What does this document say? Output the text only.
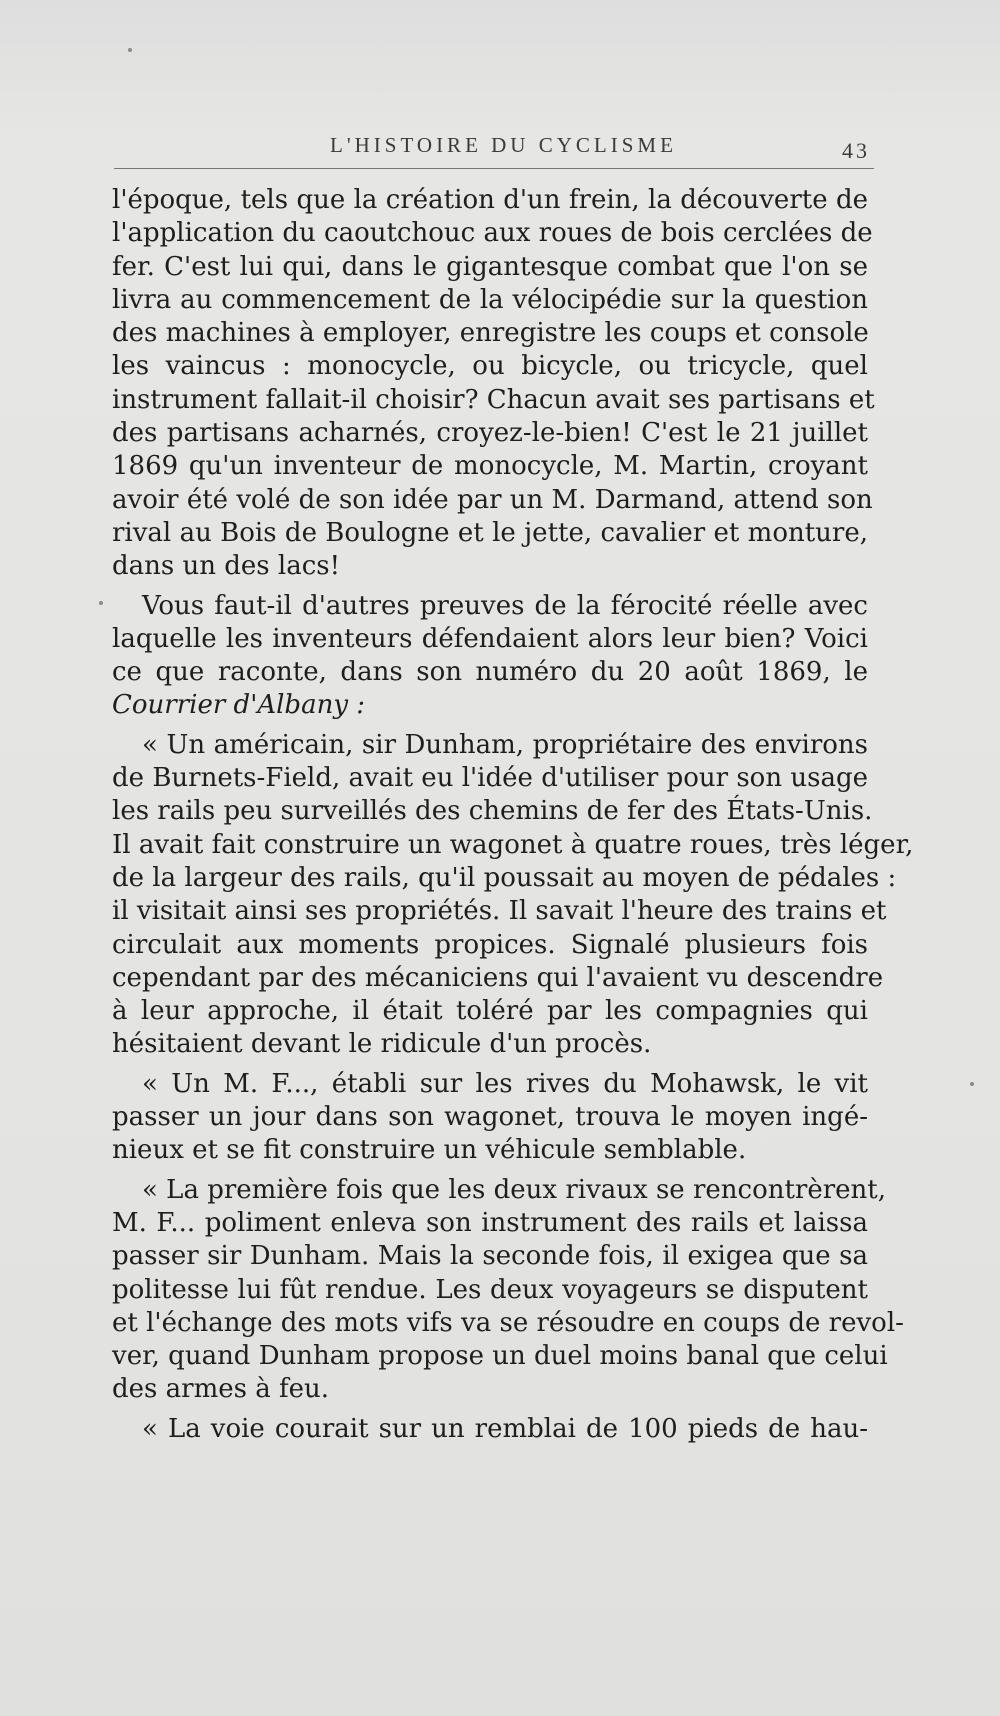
L'HISTOIRE DU CYCLISME	43
l'époque, tels que la création d'un frein, la découverte de
l'application du caoutchouc aux roues de bois cerclées de
fer. C'est lui qui, dans le gigantesque combat que l'on se
livra au commencement de la vélocipédie sur la question
des machines à employer, enregistre les coups et console
les vaincus : monocycle, ou bicycle, ou tricycle, quel
instrument fallait-il choisir? Chacun avait ses partisans et
des partisans acharnés, croyez-le-bien! C'est le 21 juillet
1869 qu'un inventeur de monocycle, M. Martin, croyant
avoir été volé de son idée par un M. Darmand, attend son
rival au Bois de Boulogne et le jette, cavalier et monture,
dans un des lacs!
Vous faut-il d'autres preuves de la férocité réelle avec
laquelle les inventeurs défendaient alors leur bien? Voici
ce que raconte, dans son numéro du 20 août 1869, le
Courrier d'Albany :
« Un américain, sir Dunham, propriétaire des environs
de Burnets-Field, avait eu l'idée d'utiliser pour son usage
les rails peu surveillés des chemins de fer des États-Unis.
Il avait fait construire un wagonet à quatre roues, très léger,
de la largeur des rails, qu'il poussait au moyen de pédales :
il visitait ainsi ses propriétés. Il savait l'heure des trains et
circulait aux moments propices. Signalé plusieurs fois
cependant par des mécaniciens qui l'avaient vu descendre
à leur approche, il était toléré par les compagnies qui
hésitaient devant le ridicule d'un procès.
« Un M. F..., établi sur les rives du Mohawsk, le vit
passer un jour dans son wagonet, trouva le moyen ingé-
nieux et se fit construire un véhicule semblable.
« La première fois que les deux rivaux se rencontrèrent,
M. F... poliment enleva son instrument des rails et laissa
passer sir Dunham. Mais la seconde fois, il exigea que sa
politesse lui fût rendue. Les deux voyageurs se disputent
et l'échange des mots vifs va se résoudre en coups de revol-
ver, quand Dunham propose un duel moins banal que celui
des armes à feu.
« La voie courait sur un remblai de 100 pieds de hau-
